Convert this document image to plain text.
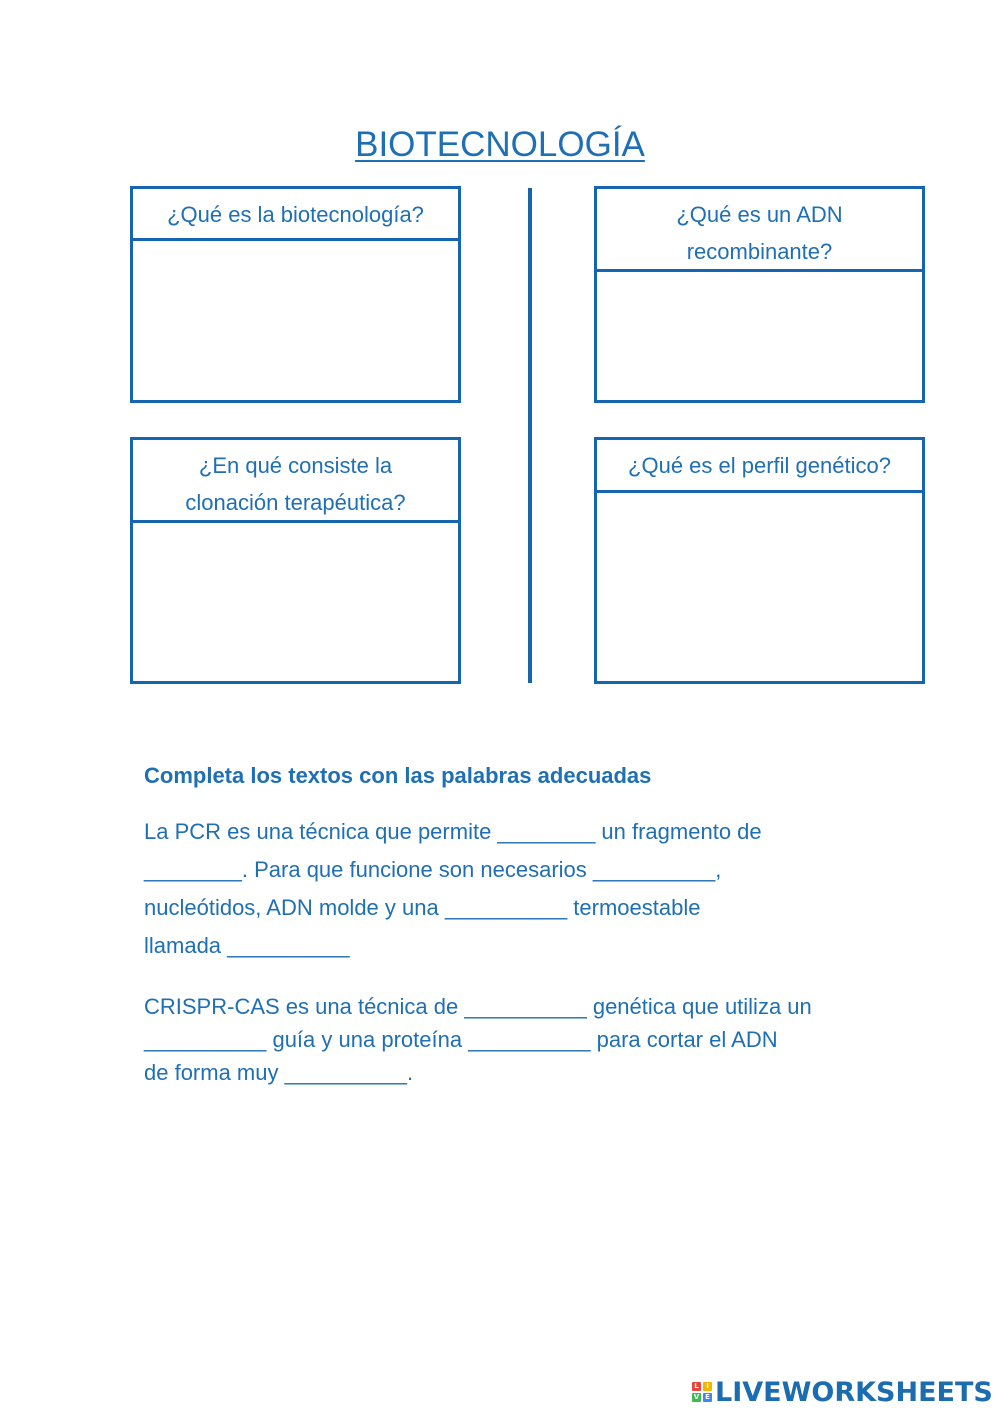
BIOTECNOLOGÍA
¿Qué es la biotecnología?	¿Qué es un ADN
recombinante?
¿En qué consiste la
clonación terapéutica?
¿Qué es el perfil genético?
Completa los textos con las palabras adecuadas
La PCR es una técnica que permite ________ un fragmento de
________. Para que funcione son necesarios __________,
nucleótidos, ADN molde y una __________ termoestable
llamada __________
CRISPR-CAS es una técnica de __________ genética que utiliza un
__________ guía y una proteína __________ para cortar el ADN
de forma muy __________.
L	I
V E LIVEWORKSHEETS
